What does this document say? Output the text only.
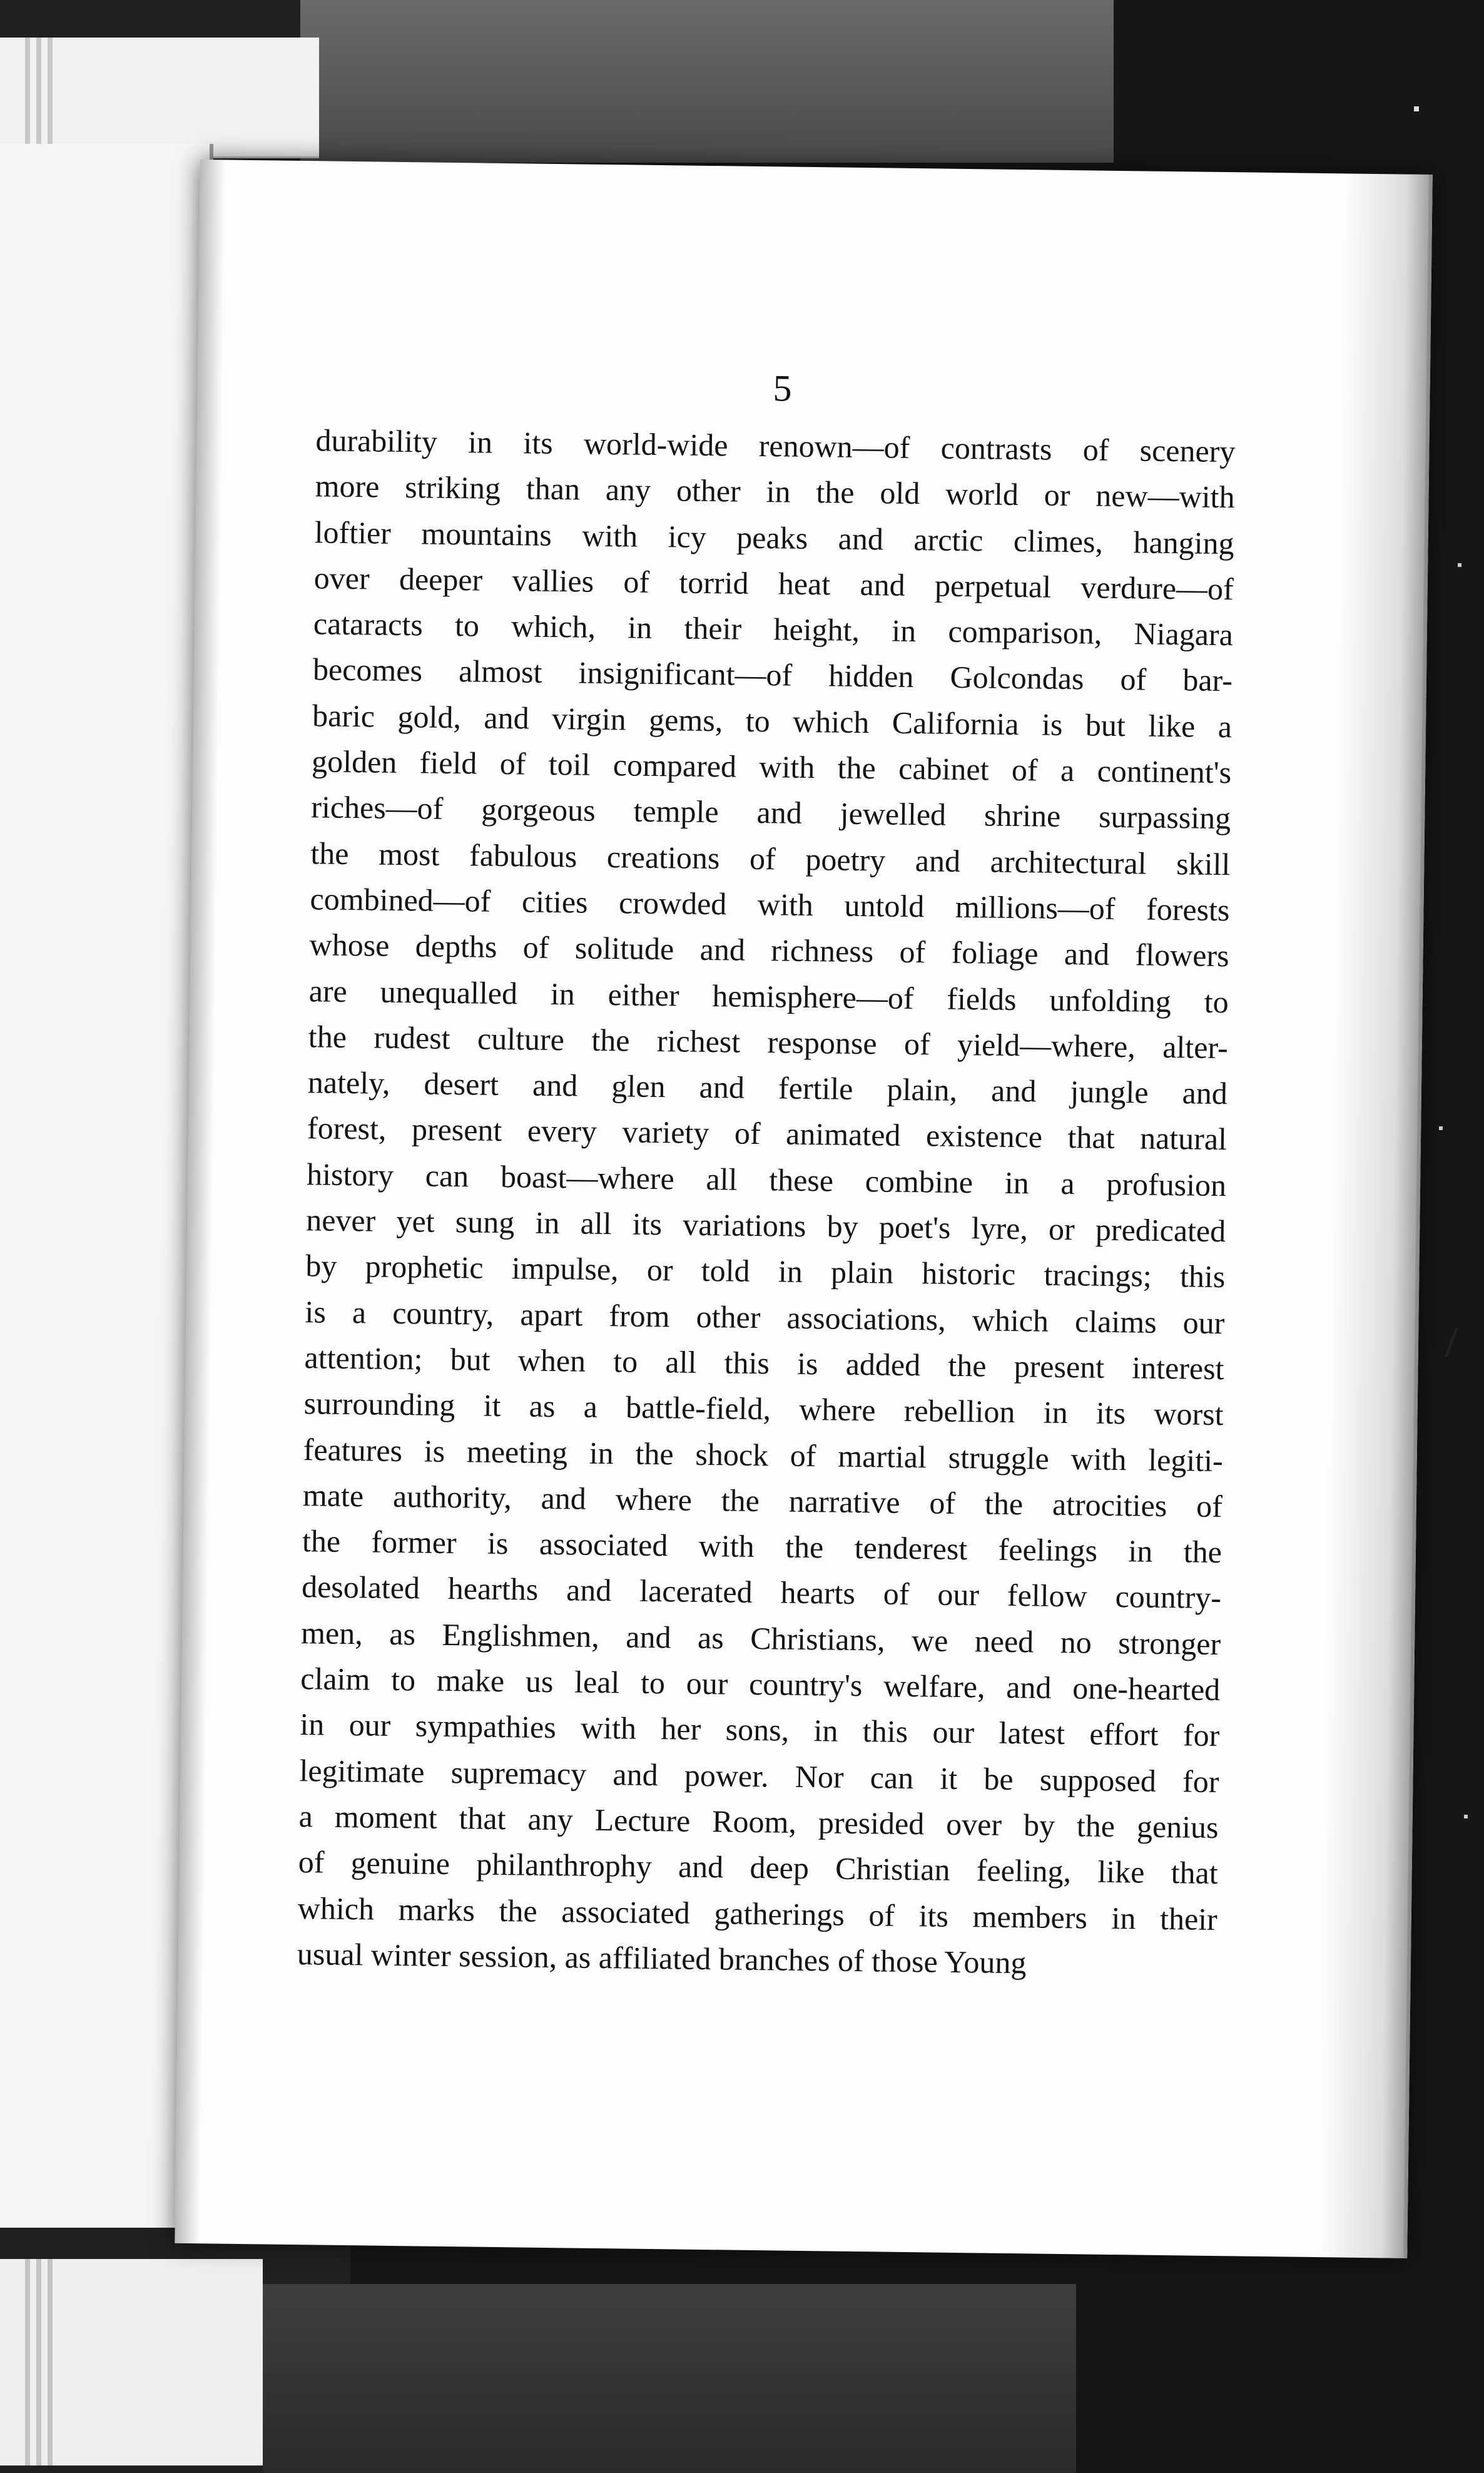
5

durability in its world-wide renown—of contrasts of scenery
more striking than any other in the old world or new—with
loftier mountains with icy peaks and arctic climes, hanging
over deeper vallies of torrid heat and perpetual verdure—of
cataracts to which, in their height, in comparison, Niagara
becomes almost insignificant—of hidden Golcondas of bar-
baric gold, and virgin gems, to which California is but like a
golden field of toil compared with the cabinet of a continent's
riches—of gorgeous temple and jewelled shrine surpassing
the most fabulous creations of poetry and architectural skill
combined—of cities crowded with untold millions—of forests
whose depths of solitude and richness of foliage and flowers
are unequalled in either hemisphere—of fields unfolding to
the rudest culture the richest response of yield—where, alter-
nately, desert and glen and fertile plain, and jungle and
forest, present every variety of animated existence that natural
history can boast—where all these combine in a profusion
never yet sung in all its variations by poet's lyre, or predicated
by prophetic impulse, or told in plain historic tracings; this
is a country, apart from other associations, which claims our
attention; but when to all this is added the present interest
surrounding it as a battle-field, where rebellion in its worst
features is meeting in the shock of martial struggle with legiti-
mate authority, and where the narrative of the atrocities of
the former is associated with the tenderest feelings in the
desolated hearths and lacerated hearts of our fellow country-
men, as Englishmen, and as Christians, we need no stronger
claim to make us leal to our country's welfare, and one-hearted
in our sympathies with her sons, in this our latest effort for
legitimate supremacy and power. Nor can it be supposed for
a moment that any Lecture Room, presided over by the genius
of genuine philanthrophy and deep Christian feeling, like that
which marks the associated gatherings of its members in their
usual winter session, as affiliated branches of those Young
